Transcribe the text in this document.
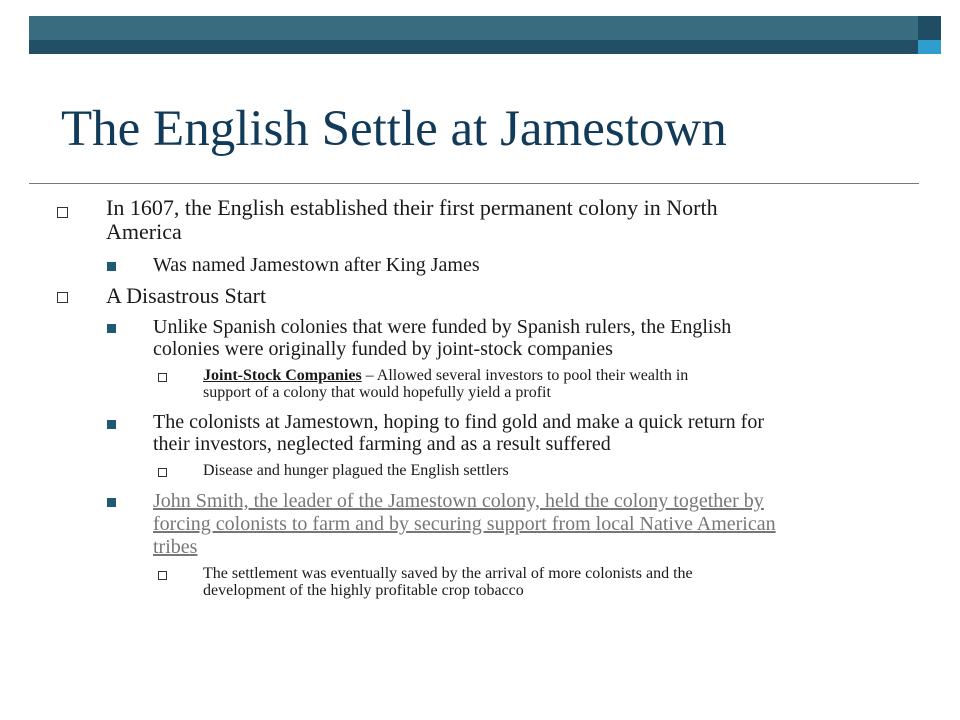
The English Settle at Jamestown
In 1607, the English established their first permanent colony in North
America
Was named Jamestown after King James
A Disastrous Start
Unlike Spanish colonies that were funded by Spanish rulers, the English
colonies were originally funded by joint-stock companies
Joint-Stock Companies – Allowed several investors to pool their wealth in
support of a colony that would hopefully yield a profit
The colonists at Jamestown, hoping to find gold and make a quick return for
their investors, neglected farming and as a result suffered
Disease and hunger plagued the English settlers
John Smith, the leader of the Jamestown colony, held the colony together by
forcing colonists to farm and by securing support from local Native American
tribes
The settlement was eventually saved by the arrival of more colonists and the
development of the highly profitable crop tobacco
